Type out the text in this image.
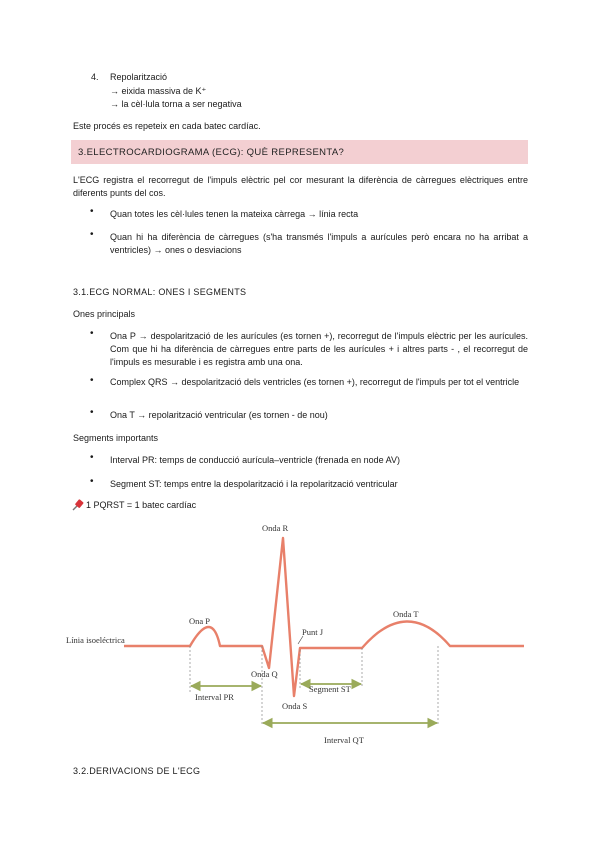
4. Repolarització
→ eixida massiva de K⁺
→ la cèl·lula torna a ser negativa
Este procés es repeteix en cada batec cardíac.
3.ELECTROCARDIOGRAMA (ECG): QUÈ REPRESENTA?
L'ECG registra el recorregut de l'impuls elèctric pel cor mesurant la diferència de càrregues elèctriques entre diferents punts del cos.
• Quan totes les cèl·lules tenen la mateixa càrrega → línia recta
• Quan hi ha diferència de càrregues (s'ha transmés l'impuls a aurícules però encara no ha arribat a ventricles) → ones o desviacions
3.1.ECG NORMAL: ONES I SEGMENTS
Ones principals
• Ona P → despolarització de les aurícules (es tornen +), recorregut de l'impuls elèctric per les aurícules. Com que hi ha diferència de càrregues entre parts de les aurícules + i altres parts - , el recorregut de l'impuls es mesurable i es registra amb una ona.
• Complex QRS → despolarització dels ventricles (es tornen +), recorregut de l'impuls per tot el ventricle
• Ona T → repolarització ventricular (es tornen - de nou)
Segments importants
• Interval PR: temps de conducció aurícula–ventricle (frenada en node AV)
• Segment ST: temps entre la despolarització i la repolarització ventricular
1 PQRST = 1 batec cardíac
Onda R
Ona P
Onda T
Línia isoeléctrica
Punt J
Onda Q
Onda S
Interval PR
Segment ST
Interval QT
3.2.DERIVACIONS DE L'ECG
